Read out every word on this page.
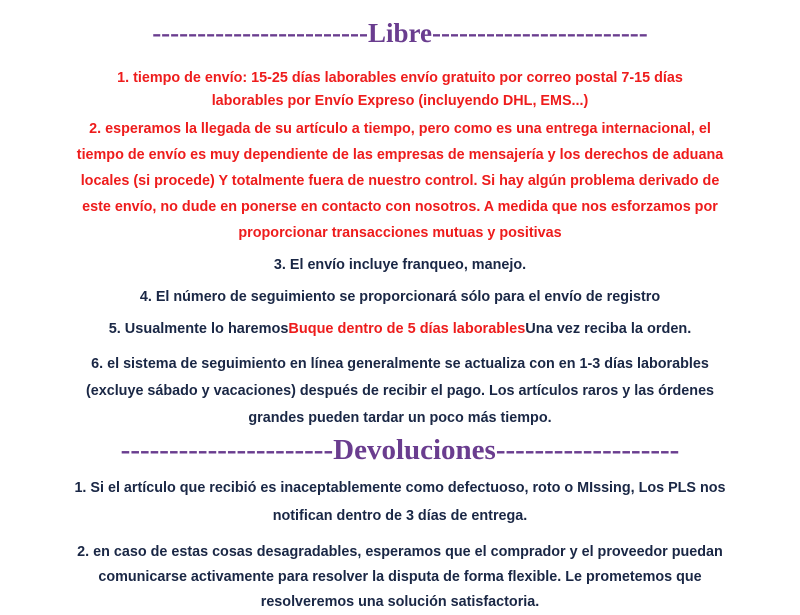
------------------------Libre------------------------
1. tiempo de envío: 15-25 días laborables envío gratuito por correo postal 7-15 días
laborables por Envío Expreso (incluyendo DHL, EMS...)
2. esperamos la llegada de su artículo a tiempo, pero como es una entrega internacional, el
tiempo de envío es muy dependiente de las empresas de mensajería y los derechos de aduana
locales (si procede) Y totalmente fuera de nuestro control. Si hay algún problema derivado de
este envío, no dude en ponerse en contacto con nosotros. A medida que nos esforzamos por
proporcionar transacciones mutuas y positivas
3. El envío incluye franqueo, manejo.
4. El número de seguimiento se proporcionará sólo para el envío de registro
5. Usualmente lo haremosBuque dentro de 5 días laborablesUna vez reciba la orden.
6. el sistema de seguimiento en línea generalmente se actualiza con en 1-3 días laborables
(excluye sábado y vacaciones) después de recibir el pago. Los artículos raros y las órdenes
grandes pueden tardar un poco más tiempo.
----------------------Devoluciones-------------------
1. Si el artículo que recibió es inaceptablemente como defectuoso, roto o MIssing, Los PLS nos
notifican dentro de 3 días de entrega.
2. en caso de estas cosas desagradables, esperamos que el comprador y el proveedor puedan
comunicarse activamente para resolver la disputa de forma flexible. Le prometemos que
resolveremos una solución satisfactoria.
